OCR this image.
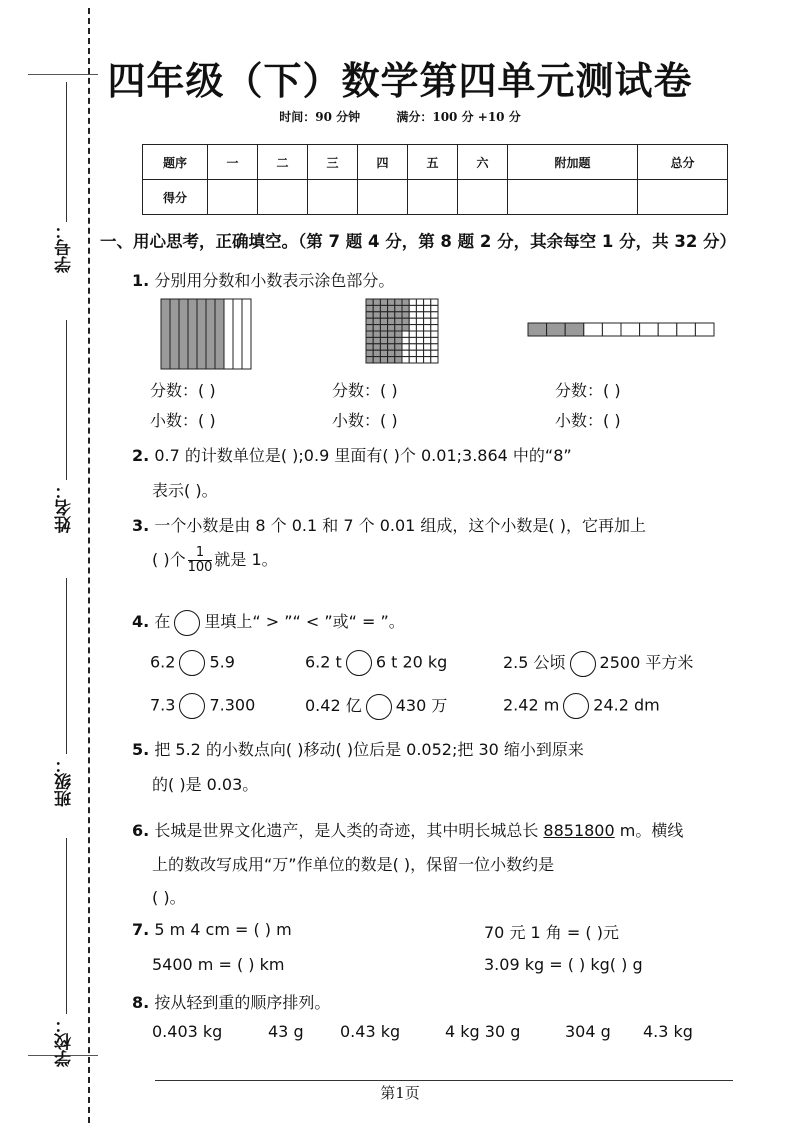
学号：
姓名：
班级：
学校：
四年级（下）数学第四单元测试卷
时间：90 分钟	满分：100 分 +10 分
题序	一	二	三	四	五	六	附加题	总分
得分								
一、用心思考，正确填空。（第 7 题 4 分，第 8 题 2 分，其余每空 1 分，共 32 分）
1. 分别用分数和小数表示涂色部分。
分数：( )
小数：( )
分数：( )
小数：( )
分数：( )
小数：( )
2. 0.7 的计数单位是( );0.9 里面有( )个 0.01;3.864 中的“8”
表示( )。
3. 一个小数是由 8 个 0.1 和 7 个 0.01 组成，这个小数是( )，它再加上
( )个 $\frac{1}{100}$ 就是 1。
4. 在 里填上“ > ”“ < ”或“ = ”。
6.2 5.9	6.2 t 6 t 20 kg	2.5 公顷 2500 平方米
7.3 7.300	0.42 亿 430 万	2.42 m 24.2 dm
5. 把 5.2 的小数点向( )移动( )位后是 0.052;把 30 缩小到原来
的( )是 0.03。
6. 长城是世界文化遗产，是人类的奇迹，其中明长城总长 8851800 m。横线
上的数改写成用“万”作单位的数是( )，保留一位小数约是
( )。
7. 5 m 4 cm = ( ) m	70 元 1 角 = ( )元
5400 m = ( ) km	3.09 kg = ( ) kg( ) g
8. 按从轻到重的顺序排列。
0.403 kg	43 g 0.43 kg	4 kg 30 g	304 g 4.3 kg
第1页
